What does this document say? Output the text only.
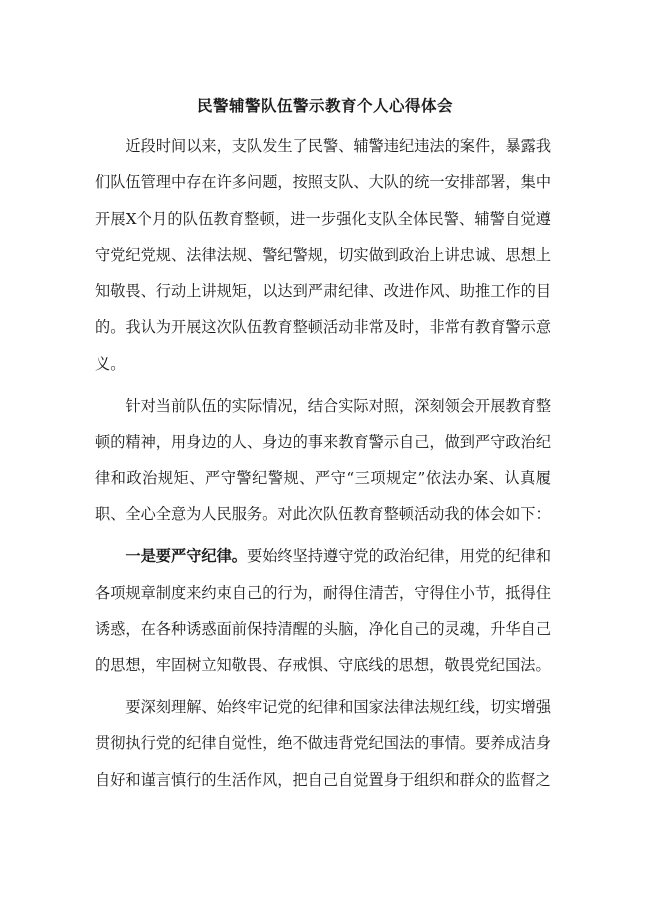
民警辅警队伍警示教育个人心得体会

近段时间以来，支队发生了民警、辅警违纪违法的案件，暴露我们队伍管理中存在许多问题，按照支队、大队的统一安排部署，集中开展X个月的队伍教育整顿，进一步强化支队全体民警、辅警自觉遵守党纪党规、法律法规、警纪警规，切实做到政治上讲忠诚、思想上知敬畏、行动上讲规矩，以达到严肃纪律、改进作风、助推工作的目的。我认为开展这次队伍教育整顿活动非常及时，非常有教育警示意义。

针对当前队伍的实际情况，结合实际对照，深刻领会开展教育整顿的精神，用身边的人、身边的事来教育警示自己，做到严守政治纪律和政治规矩、严守警纪警规、严守“三项规定”依法办案、认真履职、全心全意为人民服务。对此次队伍教育整顿活动我的体会如下：

一是要严守纪律。要始终坚持遵守党的政治纪律，用党的纪律和各项规章制度来约束自己的行为，耐得住清苦，守得住小节，抵得住诱惑，在各种诱惑面前保持清醒的头脑，净化自己的灵魂，升华自己的思想，牢固树立知敬畏、存戒惧、守底线的思想，敬畏党纪国法。

要深刻理解、始终牢记党的纪律和国家法律法规红线，切实增强贯彻执行党的纪律自觉性，绝不做违背党纪国法的事情。要养成洁身自好和谨言慎行的生活作风，把自己自觉置身于组织和群众的监督之
